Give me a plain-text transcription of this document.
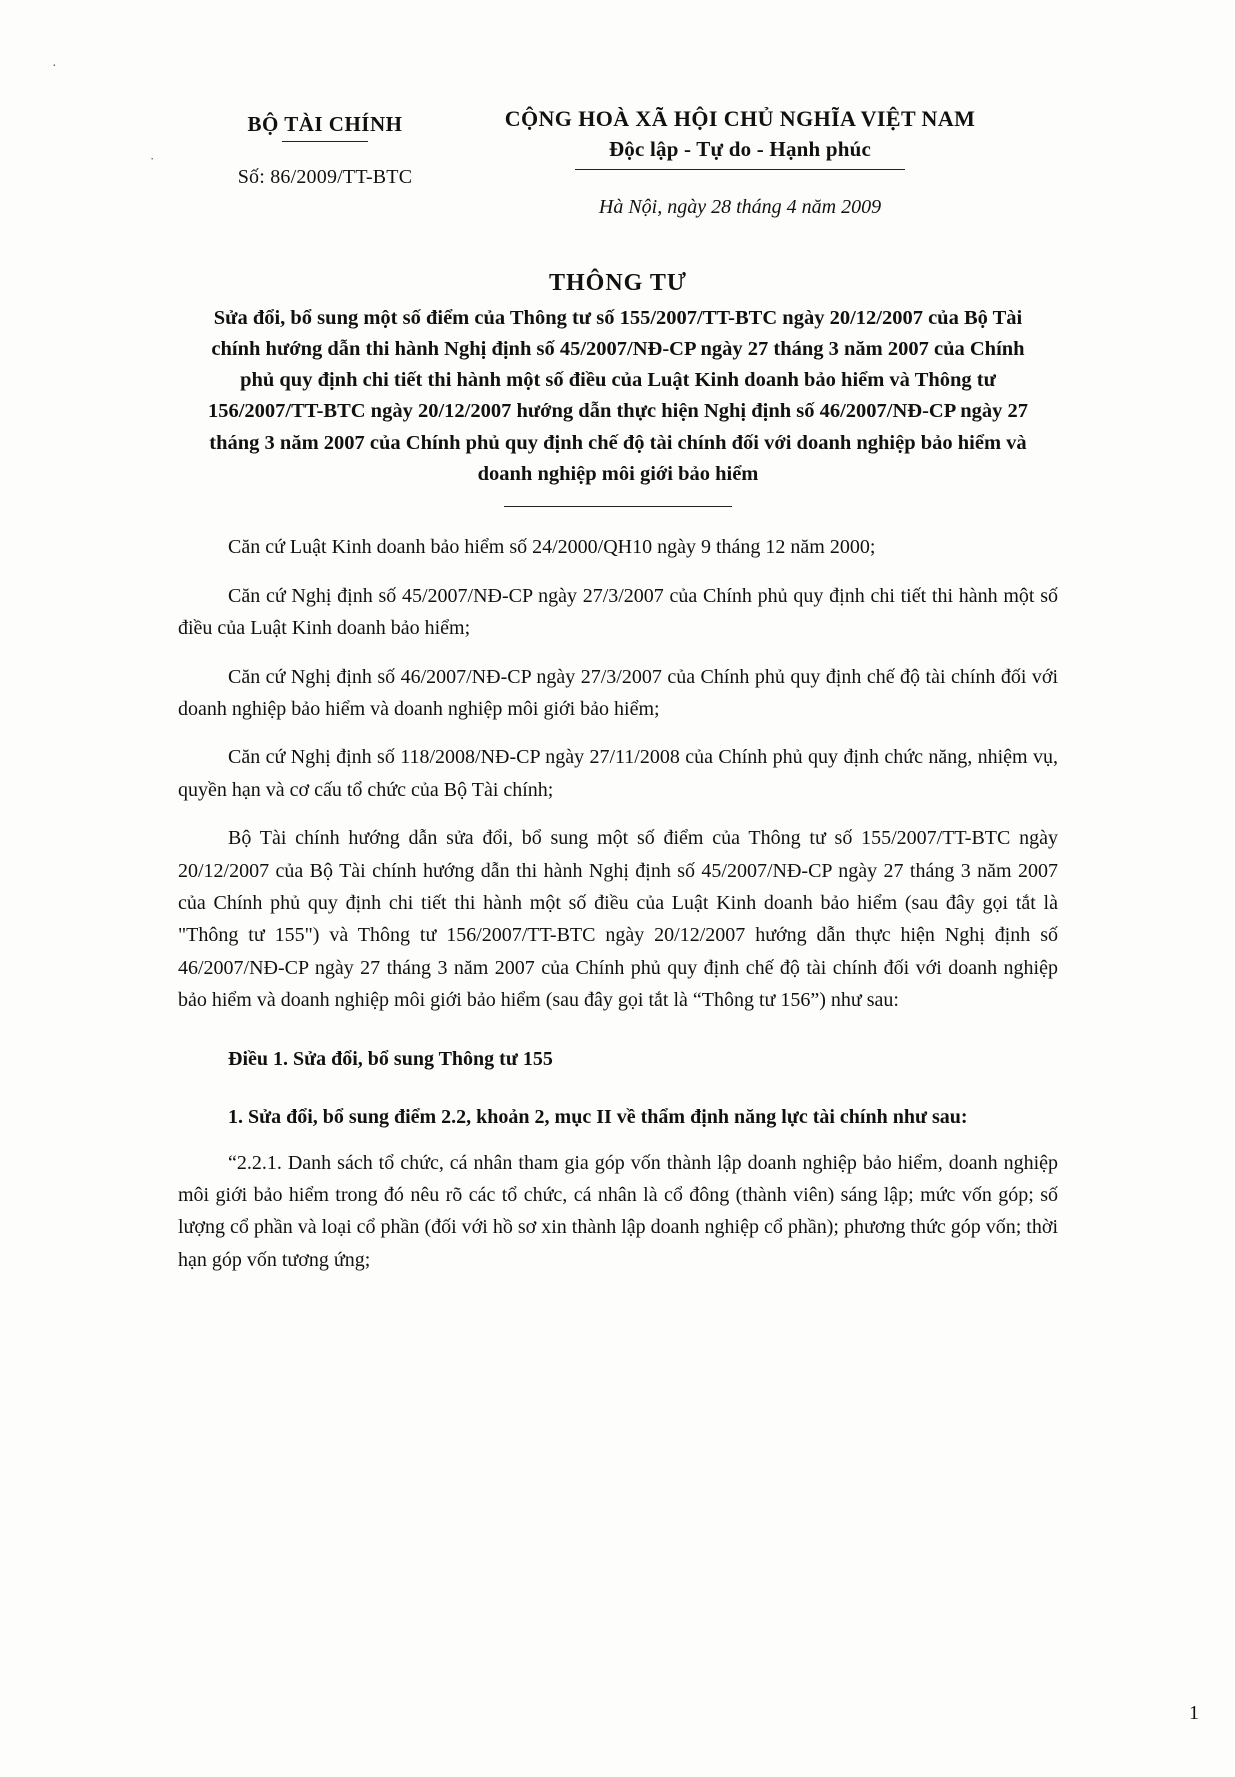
·
·
BỘ TÀI CHÍNH
Số: 86/2009/TT-BTC
CỘNG HOÀ XÃ HỘI CHỦ NGHĨA VIỆT NAM
Độc lập - Tự do - Hạnh phúc
Hà Nội, ngày 28 tháng 4 năm 2009
THÔNG TƯ
Sửa đổi, bổ sung một số điểm của Thông tư số 155/2007/TT-BTC ngày 20/12/2007 của Bộ Tài chính hướng dẫn thi hành Nghị định số 45/2007/NĐ-CP ngày 27 tháng 3 năm 2007 của Chính phủ quy định chi tiết thi hành một số điều của Luật Kinh doanh bảo hiểm và Thông tư 156/2007/TT-BTC ngày 20/12/2007 hướng dẫn thực hiện Nghị định số 46/2007/NĐ-CP ngày 27 tháng 3 năm 2007 của Chính phủ quy định chế độ tài chính đối với doanh nghiệp bảo hiểm và doanh nghiệp môi giới bảo hiểm

Căn cứ Luật Kinh doanh bảo hiểm số 24/2000/QH10 ngày 9 tháng 12 năm 2000;

Căn cứ Nghị định số 45/2007/NĐ-CP ngày 27/3/2007 của Chính phủ quy định chi tiết thi hành một số điều của Luật Kinh doanh bảo hiểm;

Căn cứ Nghị định số 46/2007/NĐ-CP ngày 27/3/2007 của Chính phủ quy định chế độ tài chính đối với doanh nghiệp bảo hiểm và doanh nghiệp môi giới bảo hiểm;

Căn cứ Nghị định số 118/2008/NĐ-CP ngày 27/11/2008 của Chính phủ quy định chức năng, nhiệm vụ, quyền hạn và cơ cấu tổ chức của Bộ Tài chính;

Bộ Tài chính hướng dẫn sửa đổi, bổ sung một số điểm của Thông tư số 155/2007/TT-BTC ngày 20/12/2007 của Bộ Tài chính hướng dẫn thi hành Nghị định số 45/2007/NĐ-CP ngày 27 tháng 3 năm 2007 của Chính phủ quy định chi tiết thi hành một số điều của Luật Kinh doanh bảo hiểm (sau đây gọi tắt là "Thông tư 155") và Thông tư 156/2007/TT-BTC ngày 20/12/2007 hướng dẫn thực hiện Nghị định số 46/2007/NĐ-CP ngày 27 tháng 3 năm 2007 của Chính phủ quy định chế độ tài chính đối với doanh nghiệp bảo hiểm và doanh nghiệp môi giới bảo hiểm (sau đây gọi tắt là “Thông tư 156”) như sau:

Điều 1. Sửa đổi, bổ sung Thông tư 155

1. Sửa đổi, bổ sung điểm 2.2, khoản 2, mục II về thẩm định năng lực tài chính như sau:

“2.2.1. Danh sách tổ chức, cá nhân tham gia góp vốn thành lập doanh nghiệp bảo hiểm, doanh nghiệp môi giới bảo hiểm trong đó nêu rõ các tổ chức, cá nhân là cổ đông (thành viên) sáng lập; mức vốn góp; số lượng cổ phần và loại cổ phần (đối với hồ sơ xin thành lập doanh nghiệp cổ phần); phương thức góp vốn; thời hạn góp vốn tương ứng;

1
